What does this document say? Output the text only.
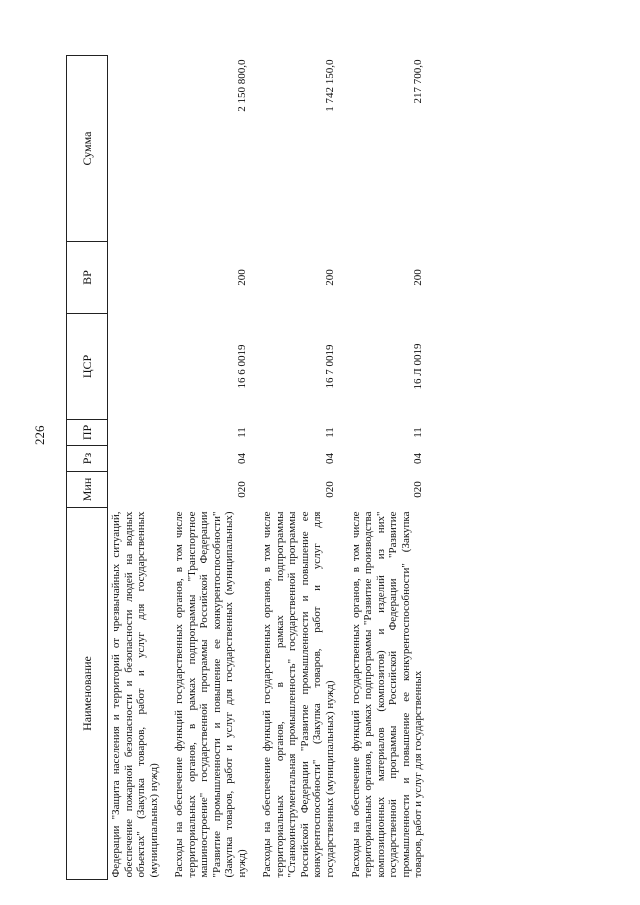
226
Наименование	Мин	Рз	ПР	ЦСР	ВР	Сумма
Федерации "Защита населения и территорий от чрезвычайных ситуаций, обеспечение пожарной безопасности и безопасности людей на водных объектах" (Закупка товаров, работ и услуг для государственных (муниципальных) нужд)						
Расходы на обеспечение функций государственных органов, в том числе территориальных органов, в рамках подпрограммы "Транспортное машиностроение" государственной программы Российской Федерации "Развитие промышленности и повышение ее конкурентоспособности" (Закупка товаров, работ и услуг для государственных (муниципальных) нужд)	020	04	11	16 6 0019	200	2 150 800,0
Расходы на обеспечение функций государственных органов, в том числе территориальных органов, в рамках подпрограммы "Станкоинструментальная промышленность" государственной программы Российской Федерации "Развитие промышленности и повышение ее конкурентоспособности" (Закупка товаров, работ и услуг для государственных (муниципальных) нужд)	020	04	11	16 7 0019	200	1 742 150,0
Расходы на обеспечение функций государственных органов, в том числе территориальных органов, в рамках подпрограммы "Развитие производства композиционных материалов (композитов) и изделий из них" государственной программы Российской Федерации "Развитие промышленности и повышение ее конкурентоспособности" (Закупка товаров, работ и услуг для государственных	020	04	11	16 Л 0019	200	217 700,0
